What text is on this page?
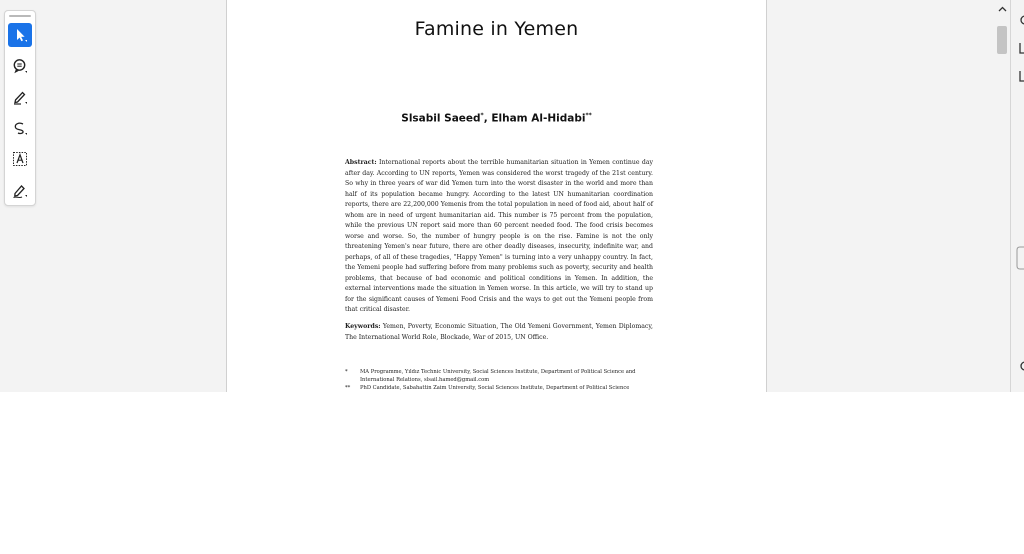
Famine in Yemen
Slsabil Saeed*, Elham Al-Hidabi**

Abstract: International reports about the terrible humanitarian situation in Yemen continue day after day. According to UN reports, Yemen was considered the worst tragedy of the 21st century. So why in three years of war did Yemen turn into the worst disaster in the world and more than half of its population became hungry. According to the latest UN humanitarian coordination reports, there are 22,200,000 Yemenis from the total population in need of food aid, about half of whom are in need of urgent humanitarian aid. This number is 75 percent from the population, while the previous UN report said more than 60 percent needed food. The food crisis becomes worse and worse. So, the number of hungry people is on the rise. Famine is not the only threatening Yemen's near future, there are other deadly diseases, insecurity, indefinite war, and perhaps, of all of these tragedies, "Happy Yemen" is turning into a very unhappy country. In fact, the Yemeni people had suffering before from many problems such as poverty, security and health problems, that because of bad economic and political conditions in Yemen. In addition, the external interventions made the situation in Yemen worse. In this article, we will try to stand up for the significant causes of Yemeni Food Crisis and the ways to get out the Yemeni people from that critical disaster.

Keywords: Yemen, Poverty, Economic Situation, The Old Yemeni Government, Yemen Diplomacy, The International World Role, Blockade, War of 2015, UN Office.

* MA Programme, Yıldız Technic University, Social Sciences Institute, Department of Political Science and International Relations, slsail.hamed@gmail.com
** PhD Candidate, Sabahattin Zaim University, Social Sciences Institute, Department of Political Science
